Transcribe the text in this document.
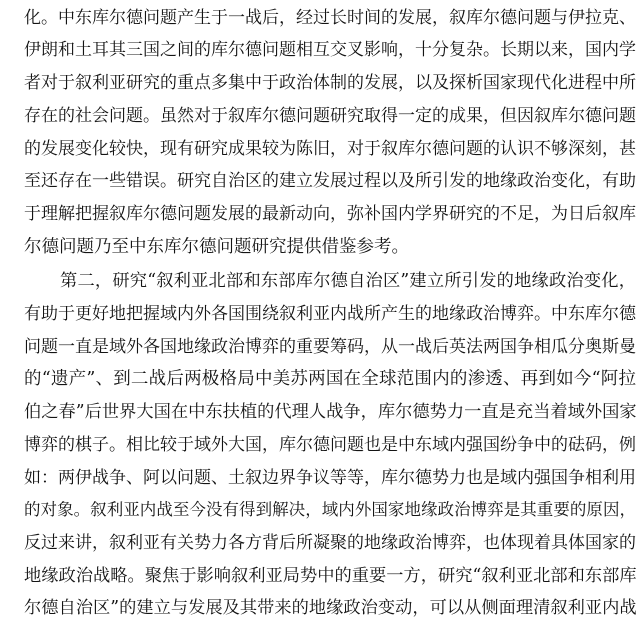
化。中东库尔德问题产生于一战后，经过长时间的发展，叙库尔德问题与伊拉克、
伊朗和土耳其三国之间的库尔德问题相互交叉影响，十分复杂。长期以来，国内学
者对于叙利亚研究的重点多集中于政治体制的发展，以及探析国家现代化进程中所
存在的社会问题。虽然对于叙库尔德问题研究取得一定的成果，但因叙库尔德问题
的发展变化较快，现有研究成果较为陈旧，对于叙库尔德问题的认识不够深刻，甚
至还存在一些错误。研究自治区的建立发展过程以及所引发的地缘政治变化，有助
于理解把握叙库尔德问题发展的最新动向，弥补国内学界研究的不足，为日后叙库
尔德问题乃至中东库尔德问题研究提供借鉴参考。
第二，研究“叙利亚北部和东部库尔德自治区”建立所引发的地缘政治变化，
有助于更好地把握域内外各国围绕叙利亚内战所产生的地缘政治博弈。中东库尔德
问题一直是域外各国地缘政治博弈的重要筹码，从一战后英法两国争相瓜分奥斯曼
的“遗产”、到二战后两极格局中美苏两国在全球范围内的渗透、再到如今“阿拉
伯之春”后世界大国在中东扶植的代理人战争，库尔德势力一直是充当着域外国家
博弈的棋子。相比较于域外大国，库尔德问题也是中东域内强国纷争中的砝码，例
如：两伊战争、阿以问题、土叙边界争议等等，库尔德势力也是域内强国争相利用
的对象。叙利亚内战至今没有得到解决，域内外国家地缘政治博弈是其重要的原因，
反过来讲，叙利亚有关势力各方背后所凝聚的地缘政治博弈，也体现着具体国家的
地缘政治战略。聚焦于影响叙利亚局势中的重要一方，研究“叙利亚北部和东部库
尔德自治区”的建立与发展及其带来的地缘政治变动，可以从侧面理清叙利亚内战
